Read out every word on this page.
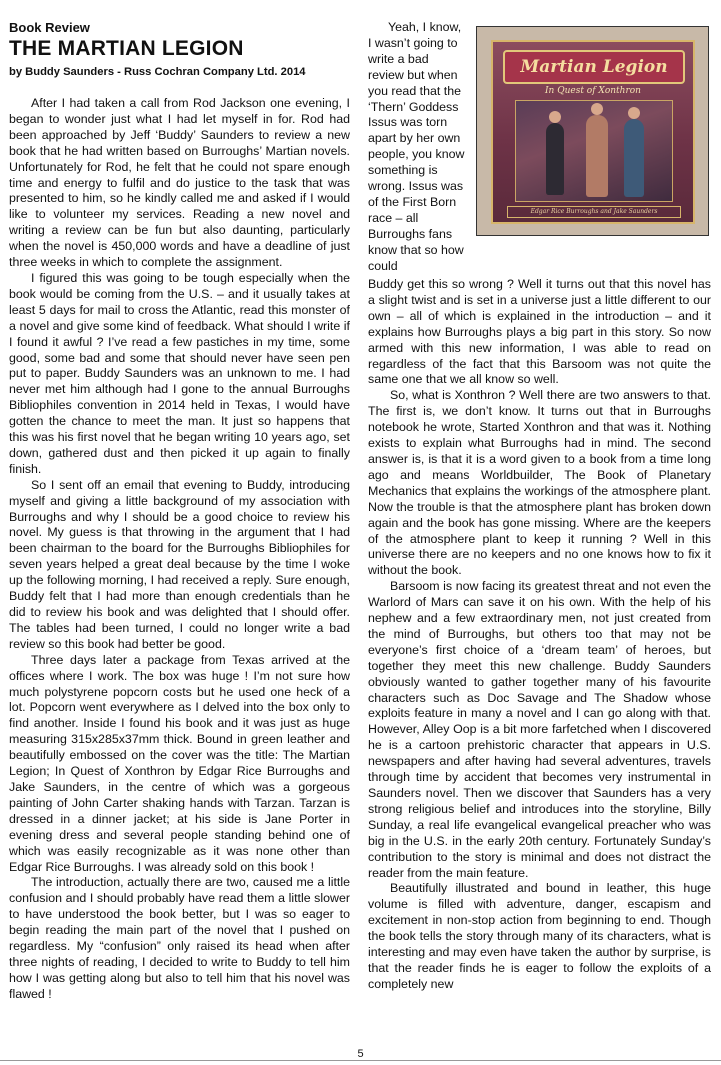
Book Review
THE MARTIAN LEGION
by Buddy Saunders - Russ Cochran Company Ltd. 2014

After I had taken a call from Rod Jackson one evening, I began to wonder just what I had let myself in for. Rod had been approached by Jeff ‘Buddy’ Saunders to review a new book that he had written based on Burroughs’ Martian novels. Unfortunately for Rod, he felt that he could not spare enough time and energy to fulfil and do justice to the task that was presented to him, so he kindly called me and asked if I would like to volunteer my services. Reading a new novel and writing a review can be fun but also daunting, particularly when the novel is 450,000 words and have a deadline of just three weeks in which to complete the assignment.

I figured this was going to be tough especially when the book would be coming from the U.S. – and it usually takes at least 5 days for mail to cross the Atlantic, read this monster of a novel and give some kind of feedback. What should I write if I found it awful ? I’ve read a few pastiches in my time, some good, some bad and some that should never have seen pen put to paper. Buddy Saunders was an unknown to me. I had never met him although had I gone to the annual Burroughs Bibliophiles convention in 2014 held in Texas, I would have gotten the chance to meet the man. It just so happens that this was his first novel that he began writing 10 years ago, set down, gathered dust and then picked it up again to finally finish.

So I sent off an email that evening to Buddy, introducing myself and giving a little background of my association with Burroughs and why I should be a good choice to review his novel. My guess is that throwing in the argument that I had been chairman to the board for the Burroughs Bibliophiles for seven years helped a great deal because by the time I woke up the following morning, I had received a reply. Sure enough, Buddy felt that I had more than enough credentials than he did to review his book and was delighted that I should offer. The tables had been turned, I could no longer write a bad review so this book had better be good.

Three days later a package from Texas arrived at the offices where I work. The box was huge ! I’m not sure how much polystyrene popcorn costs but he used one heck of a lot. Popcorn went everywhere as I delved into the box only to find another. Inside I found his book and it was just as huge measuring 315x285x37mm thick. Bound in green leather and beautifully embossed on the cover was the title: The Martian Legion; In Quest of Xonthron by Edgar Rice Burroughs and Jake Saunders, in the centre of which was a gorgeous painting of John Carter shaking hands with Tarzan. Tarzan is dressed in a dinner jacket; at his side is Jane Porter in evening dress and several people standing behind one of which was easily recognizable as it was none other than Edgar Rice Burroughs. I was already sold on this book !

The introduction, actually there are two, caused me a little confusion and I should probably have read them a little slower to have understood the book better, but I was so eager to begin reading the main part of the novel that I pushed on regardless. My “confusion” only raised its head when after three nights of reading, I decided to write to Buddy to tell him how I was getting along but also to tell him that his novel was flawed !

Yeah, I know, I wasn’t going to write a bad review but when you read that the ‘Thern’ Goddess Issus was torn apart by her own people, you know something is wrong. Issus was of the First Born race – all Burroughs fans know that so how could

Martian Legion
In Quest of Xonthron
Edgar Rice Burroughs and Jake Saunders

Buddy get this so wrong ? Well it turns out that this novel has a slight twist and is set in a universe just a little different to our own – all of which is explained in the introduction – and it explains how Burroughs plays a big part in this story. So now armed with this new information, I was able to read on regardless of the fact that this Barsoom was not quite the same one that we all know so well.

So, what is Xonthron ? Well there are two answers to that. The first is, we don’t know. It turns out that in Burroughs notebook he wrote, Started Xonthron and that was it. Nothing exists to explain what Burroughs had in mind. The second answer is, is that it is a word given to a book from a time long ago and means Worldbuilder, The Book of Planetary Mechanics that explains the workings of the atmosphere plant. Now the trouble is that the atmosphere plant has broken down again and the book has gone missing. Where are the keepers of the atmosphere plant to keep it running ? Well in this universe there are no keepers and no one knows how to fix it without the book.

Barsoom is now facing its greatest threat and not even the Warlord of Mars can save it on his own. With the help of his nephew and a few extraordinary men, not just created from the mind of Burroughs, but others too that may not be everyone’s first choice of a ‘dream team’ of heroes, but together they meet this new challenge. Buddy Saunders obviously wanted to gather together many of his favourite characters such as Doc Savage and The Shadow whose exploits feature in many a novel and I can go along with that. However, Alley Oop is a bit more farfetched when I discovered he is a cartoon prehistoric character that appears in U.S. newspapers and after having had several adventures, travels through time by accident that becomes very instrumental in Saunders novel. Then we discover that Saunders has a very strong religious belief and introduces into the storyline, Billy Sunday, a real life evangelical evangelical preacher who was big in the U.S. in the early 20th century. Fortunately Sunday’s contribution to the story is minimal and does not distract the reader from the main feature.

Beautifully illustrated and bound in leather, this huge volume is filled with adventure, danger, escapism and excitement in non-stop action from beginning to end. Though the book tells the story through many of its characters, what is interesting and may even have taken the author by surprise, is that the reader finds he is eager to follow the exploits of a completely new

5
